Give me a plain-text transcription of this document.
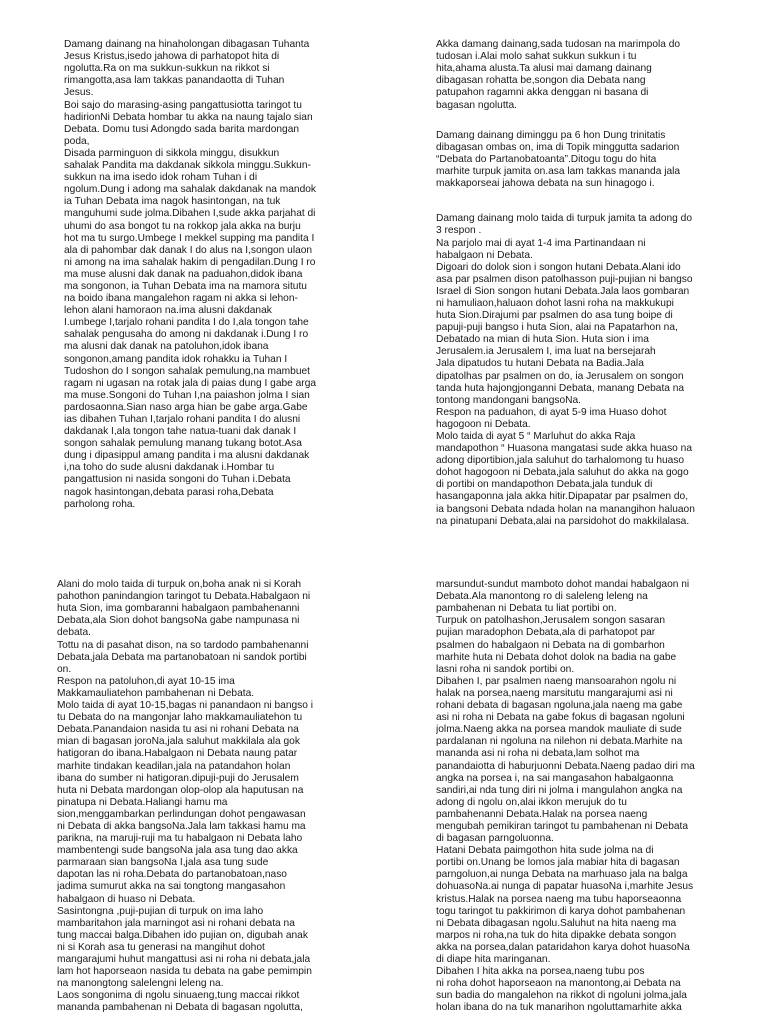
Damang dainang na hinaholongan dibagasan Tuhanta
Jesus Kristus,isedo jahowa di parhatopot hita di
ngolutta.Ra on ma sukkun-sukkun na rikkot si
rimangotta,asa lam takkas panandaotta di Tuhan
Jesus.
Boi sajo do marasing-asing pangattusiotta taringot tu
hadirionNi Debata hombar tu akka na naung tajalo sian
Debata. Domu tusi Adongdo sada barita mardongan
poda,
Disada parminguon di sikkola minggu, disukkun
sahalak Pandita ma dakdanak sikkola minggu.Sukkun-
sukkun na ima isedo idok roham Tuhan i di
ngolum.Dung i adong ma sahalak dakdanak na mandok
ia Tuhan Debata ima nagok hasintongan, na tuk
manguhumi sude jolma.Dibahen I,sude akka parjahat di
uhumi do asa bongot tu na rokkop jala akka na burju
hot ma tu surgo.Umbege I mekkel supping ma pandita I
ala di pahombar dak danak I do alus na I,songon ulaon
ni among na ima sahalak hakim di pengadilan.Dung I ro
ma muse alusni dak danak na paduahon,didok ibana
ma songonon, ia Tuhan Debata ima na mamora situtu
na boido ibana mangalehon ragam ni akka si lehon-
lehon alani hamoraon na.ima alusni dakdanak
I.umbege I,tarjalo rohani pandita I do I,ala tongon tahe
sahalak pengusaha do among ni dakdanak i.Dung I ro
ma alusni dak danak na patoluhon,idok ibana
songonon,amang pandita idok rohakku ia Tuhan I
Tudoshon do I songon sahalak pemulung,na mambuet
ragam ni ugasan na rotak jala di paias dung I gabe arga
ma muse.Songoni do Tuhan I,na paiashon jolma I sian
pardosaonna.Sian naso arga hian be gabe arga.Gabe
ias dibahen Tuhan I,tarjalo rohani pandita I do alusni
dakdanak I,ala tongon tahe natua-tuani dak danak I
songon sahalak pemulung manang tukang botot.Asa
dung i dipasippul amang pandita i ma alusni dakdanak
i,na toho do sude alusni dakdanak i.Hombar tu
pangattusion ni nasida songoni do Tuhan i.Debata
nagok hasintongan,debata parasi roha,Debata
parholong roha.

Akka damang dainang,sada tudosan na marimpola do
tudosan i.Alai molo sahat sukkun sukkun i tu
hita,ahama alusta.Ta alusi mai damang dainang
dibagasan rohatta be,songon dia Debata nang
patupahon ragamni akka denggan ni basana di
bagasan ngolutta.

Damang dainang diminggu pa 6 hon Dung trinitatis
dibagasan ombas on, ima di Topik minggutta sadarion
“Debata do Partanobatoanta”.Ditogu togu do hita
marhite turpuk jamita on.asa lam takkas mananda jala
makkaporseai jahowa debata na sun hinagogo i.

Damang dainang molo taida di turpuk jamita ta adong do
3 respon .
Na parjolo mai di ayat 1-4 ima Partinandaan ni
habalgaon ni Debata.
Digoari do dolok sion i songon hutani Debata.Alani ido
asa par psalmen dison patolhasson puji-pujian ni bangso
Israel di Sion songon hutani Debata.Jala laos gombaran
ni hamuliaon,haluaon dohot lasni roha na makkukupi
huta Sion.Dirajumi par psalmen do asa tung boipe di
papuji-puji bangso i huta Sion, alai na Papatarhon na,
Debatado na mian di huta Sion. Huta sion i ima
Jerusalem.ia Jerusalem I, ima luat na bersejarah
Jala dipatudos tu hutani Debata na Badia.Jala
dipatolhas par psalmen on do, ia Jerusalem on songon
tanda huta hajongjonganni Debata, manang Debata na
tontong mandongani bangsoNa.
Respon na paduahon, di ayat 5-9 ima Huaso dohot
hagogoon ni Debata.
Molo taida di ayat 5 “ Marluhut do akka Raja
mandapothon “ Huasona mangatasi sude akka huaso na
adong diportibion,jala saluhut do tarhalomong tu huaso
dohot hagogoon ni Debata,jala saluhut do akka na gogo
di portibi on mandapothon Debata,jala tunduk di
hasangaponna jala akka hitir.Dipapatar par psalmen do,
ia bangsoni Debata ndada holan na manangihon haluaon
na pinatupani Debata,alai na parsidohot do makkilalasa.

Alani do molo taida di turpuk on,boha anak ni si Korah
pahothon panindangion taringot tu Debata.Habalgaon ni
huta Sion, ima gombaranni habalgaon pambahenanni
Debata,ala Sion dohot bangsoNa gabe nampunasa ni
debata.
Tottu na di pasahat dison, na so tardodo pambahenanni
Debata,jala Debata ma partanobatoan ni sandok portibi
on.
Respon na patoluhon,di ayat 10-15 ima
Makkamauliatehon pambahenan ni Debata.
Molo taida di ayat 10-15,bagas ni panandaon ni bangso i
tu Debata do na mangonjar laho makkamauliatehon tu
Debata.Panandaion nasida tu asi ni rohani Debata na
mian di bagasan joroNa,jala saluhut makkilala ala gok
hatigoran do ibana.Habalgaon ni Debata naung patar
marhite tindakan keadilan,jala na patandahon holan
ibana do sumber ni hatigoran.dipuji-puji do Jerusalem
huta ni Debata mardongan olop-olop ala haputusan na
pinatupa ni Debata.Haliangi hamu ma
sion,menggambarkan perlindungan dohot pengawasan
ni Debata di akka bangsoNa.Jala lam takkasi hamu ma
parikna, na maruji-ruji ma tu habalgaon ni Debata laho
mambentengi sude bangsoNa jala asa tung dao akka
parmaraan sian bangsoNa I,jala asa tung sude
dapotan las ni roha.Debata do partanobatoan,naso
jadima sumurut akka na sai tongtong mangasahon
habalgaon di huaso ni Debata.
Sasintongna ,puji-pujian di turpuk on ima laho
mambaritahon jala marningot asi ni rohani debata na
tung maccai balga.Dibahen ido pujian on, digubah anak
ni si Korah asa tu generasi na mangihut dohot
mangarajumi huhut mangattusi asi ni roha ni debata,jala
lam hot haporseaon nasida tu debata na gabe pemimpin
na manongtong salelengni leleng na.
Laos songonima di ngolu sinuaeng,tung maccai rikkot
mananda pambahenan ni Debata di bagasan ngolutta,

marsundut-sundut mamboto dohot mandai habalgaon ni
Debata.Ala manontong ro di saleleng leleng na
pambahenan ni Debata tu liat portibi on.
Turpuk on patolhashon,Jerusalem songon sasaran
pujian maradophon Debata,ala di parhatopot par
psalmen do habalgaon ni Debata na di gombarhon
marhite huta ni Debata dohot dolok na badia na gabe
lasni roha ni sandok portibi on.
Dibahen I, par psalmen naeng mansoarahon ngolu ni
halak na porsea,naeng marsitutu mangarajumi asi ni
rohani debata di bagasan ngoluna,jala naeng ma gabe
asi ni roha ni Debata na gabe fokus di bagasan ngoluni
jolma.Naeng akka na porsea mandok mauliate di sude
pardalanan ni ngoluna na nilehon ni debata.Marhite na
mananda asi ni roha ni debata,lam solhot ma
panandaiotta di haburjuonni Debata.Naeng padao diri ma
angka na porsea i, na sai mangasahon habalgaonna
sandiri,ai nda tung diri ni jolma i mangulahon angka na
adong di ngolu on,alai ikkon merujuk do tu
pambahenanni Debata.Halak na porsea naeng
mengubah pemikiran taringot tu pambahenan ni Debata
di bagasan parngoluonna.
Hatani Debata paimgothon hita sude jolma na di
portibi on.Unang be lomos jala mabiar hita di bagasan
parngoluon,ai nunga Debata na marhuaso jala na balga
dohuasoNa.ai nunga di papatar huasoNa i,marhite Jesus
kristus.Halak na porsea naeng ma tubu haporseaonna
togu taringot tu pakkirimon di karya dohot pambahenan
ni Debata dibagasan ngolu.Saluhut na hita naeng ma
marpos ni roha,na tuk do hita dipakke debata songon
akka na porsea,dalan pataridahon karya dohot huasoNa
di diape hita maringanan.
Dibahen I hita akka na porsea,naeng tubu pos
ni roha dohot haporseaon na manontong,ai Debata na
sun badia do mangalehon na rikkot di ngoluni jolma,jala
holan ibana do na tuk manarihon ngoluttamarhite akka
